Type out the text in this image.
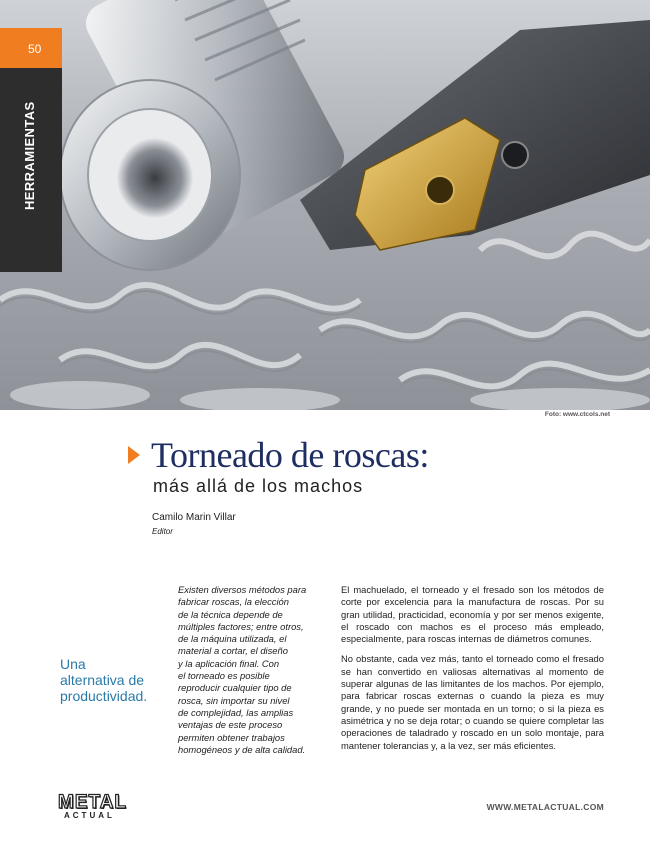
Foto: www.ctcols.net
50
HERRAMIENTAS
Torneado de roscas:
más allá de los machos
Camilo Marin Villar
Editor
Una
alternativa de
productividad.
Existen diversos métodos para
fabricar roscas, la elección
de la técnica depende de
múltiples factores; entre otros,
de la máquina utilizada, el
material a cortar, el diseño
y la aplicación final. Con
el torneado es posible
reproducir cualquier tipo de
rosca, sin importar su nivel
de complejidad, las amplias
ventajas de este proceso
permiten obtener trabajos
homogéneos y de alta calidad.

El machuelado, el torneado y el fresado son los métodos de corte por excelencia para la manufactura de roscas. Por su gran utilidad, practicidad, economía y por ser menos exigente, el roscado con machos es el proceso más empleado, especialmente, para roscas internas de diámetros comunes.

No obstante, cada vez más, tanto el torneado como el fresado se han convertido en valiosas alternativas al momento de superar algunas de las limitantes de los machos. Por ejemplo, para fabricar roscas externas o cuando la pieza es muy grande, y no puede ser montada en un torno; o si la pieza es asimétrica y no se deja rotar; o cuando se quiere completar las operaciones de taladrado y roscado en un solo montaje, para mantener tolerancias y, a la vez, ser más eficientes.

METAL
ACTUAL
WWW.METALACTUAL.COM
